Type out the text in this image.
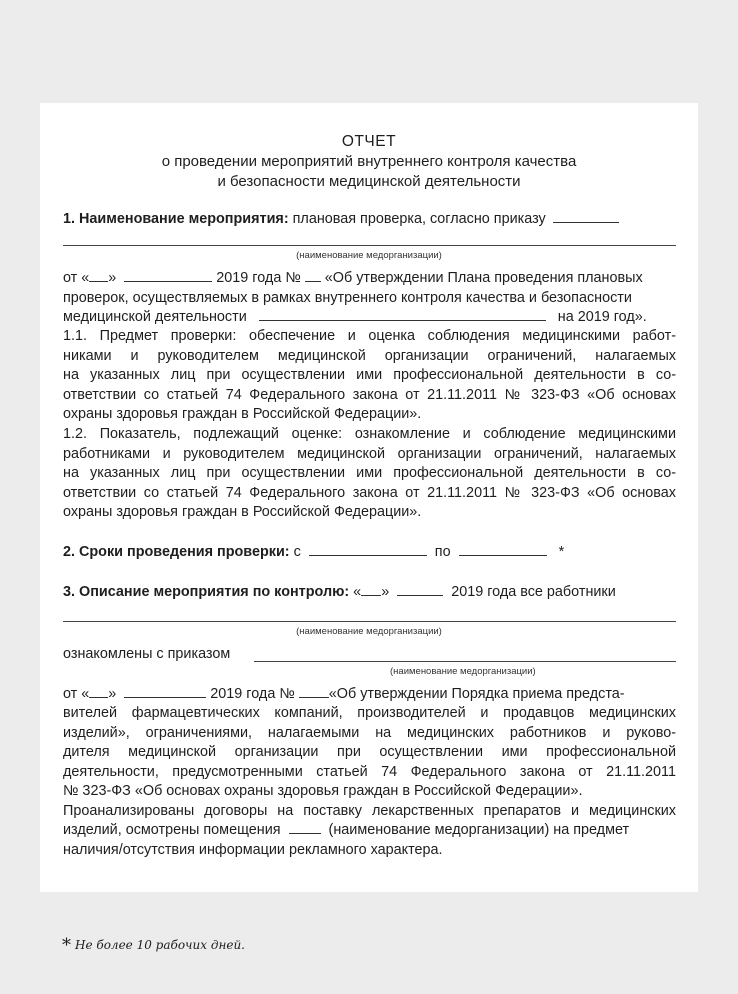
ОТЧЕТ
о проведении мероприятий внутреннего контроля качества
и безопасности медицинской деятельности
1. Наименование мероприятия: плановая проверка, согласно приказу
(наименование медорганизации)
от « »	2019 года № «Об утверждении Плана проведения плановых
проверок, осуществляемых в рамках внутреннего контроля качества и безопасности
медицинской деятельности	на 2019 год».
1.1. Предмет проверки: обеспечение и оценка соблюдения медицинскими работ-
никами и руководителем медицинской организации ограничений, налагаемых
на указанных лиц при осуществлении ими профессиональной деятельности в со-
ответствии со статьей 74 Федерального закона от 21.11.2011 № 323-ФЗ «Об основах
охраны здоровья граждан в Российской Федерации».
1.2. Показатель, подлежащий оценке: ознакомление и соблюдение медицинскими
работниками и руководителем медицинской организации ограничений, налагаемых
на указанных лиц при осуществлении ими профессиональной деятельности в со-
ответствии со статьей 74 Федерального закона от 21.11.2011 № 323-ФЗ «Об основах
охраны здоровья граждан в Российской Федерации».
2. Сроки проведения проверки: с	по	*
3. Описание мероприятия по контролю: « »	2019 года все работники
(наименование медорганизации)
ознакомлены с приказом
(наименование медорганизации)
от « »	2019 года № «Об утверждении Порядка приема предста-
вителей фармацевтических компаний, производителей и продавцов медицинских
изделий», ограничениями, налагаемыми на медицинских работников и руково-
дителя медицинской организации при осуществлении ими профессиональной
деятельности, предусмотренными статьей 74 Федерального закона от 21.11.2011
№ 323-ФЗ «Об основах охраны здоровья граждан в Российской Федерации».
Проанализированы договоры на поставку лекарственных препаратов и медицинских
изделий, осмотрены помещения	(наименование медорганизации) на предмет
наличия/отсутствия информации рекламного характера.
* Не более 10 рабочих дней.
